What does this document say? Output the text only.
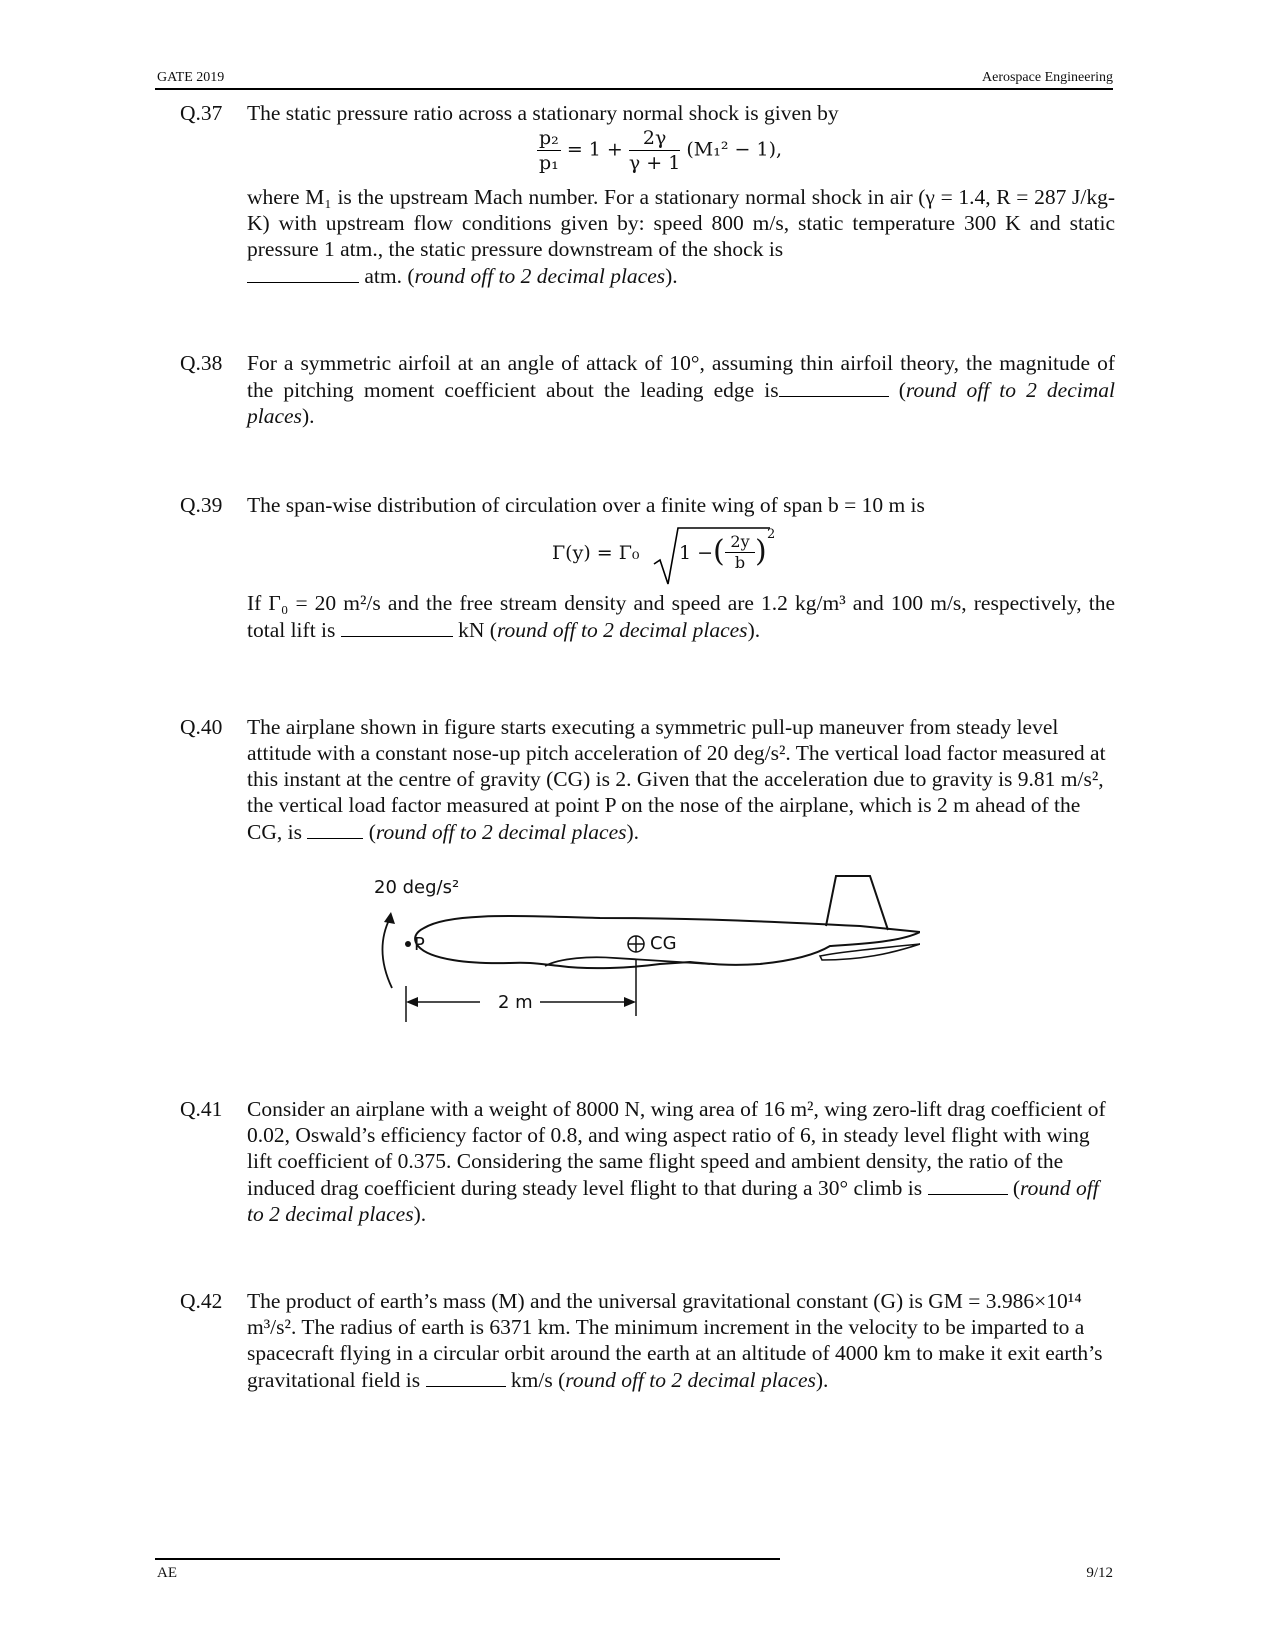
GATE 2019	Aerospace Engineering
Q.37	The static pressure ratio across a stationary normal shock is given by
$\frac{\text{p₂}}{\text{p₁}} = 1 + \frac{2\gamma}{\gamma + 1} (M_1^2 - 1)$,
where M₁ is the upstream Mach number. For a stationary normal shock in air (γ = 1.4, R = 287 J/kg-K) with upstream flow conditions given by: speed 800 m/s, static temperature 300 K and static pressure 1 atm., the static pressure downstream of the shock is
atm. (round off to 2 decimal places).
Q.38	For a symmetric airfoil at an angle of attack of 10°, assuming thin airfoil theory, the magnitude of the pitching moment coefficient about the leading edge is	(round off to 2 decimal places).
Q.39	The span-wise distribution of circulation over a finite wing of span b = 10 m is
Γ(y) = Γ₀ 1 − ( $\frac{2y}{b}$ ) 2
If Γ₀ = 20 m²/s and the free stream density and speed are 1.2 kg/m³ and 100 m/s, respectively, the total lift is	kN (round off to 2 decimal places).
Q.40	The airplane shown in figure starts executing a symmetric pull-up maneuver from steady level attitude with a constant nose-up pitch acceleration of 20 deg/s². The vertical load factor measured at this instant at the centre of gravity (CG) is 2. Given that the acceleration due to gravity is 9.81 m/s², the vertical load factor measured at point P on the nose of the airplane, which is 2 m ahead of the CG, is	(round off to 2 decimal places).
20 deg/s²
P	CG
2 m
Q.41	Consider an airplane with a weight of 8000 N, wing area of 16 m², wing zero-lift drag coefficient of 0.02, Oswald’s efficiency factor of 0.8, and wing aspect ratio of 6, in steady level flight with wing lift coefficient of 0.375. Considering the same flight speed and ambient density, the ratio of the induced drag coefficient during steady level flight to that during a 30° climb is	(round off to 2 decimal places).
Q.42	The product of earth’s mass (M) and the universal gravitational constant (G) is GM = 3.986×10¹⁴ m³/s². The radius of earth is 6371 km. The minimum increment in the velocity to be imparted to a spacecraft flying in a circular orbit around the earth at an altitude of 4000 km to make it exit earth’s gravitational field is	km/s (round off to 2 decimal places).
AE	9/12
